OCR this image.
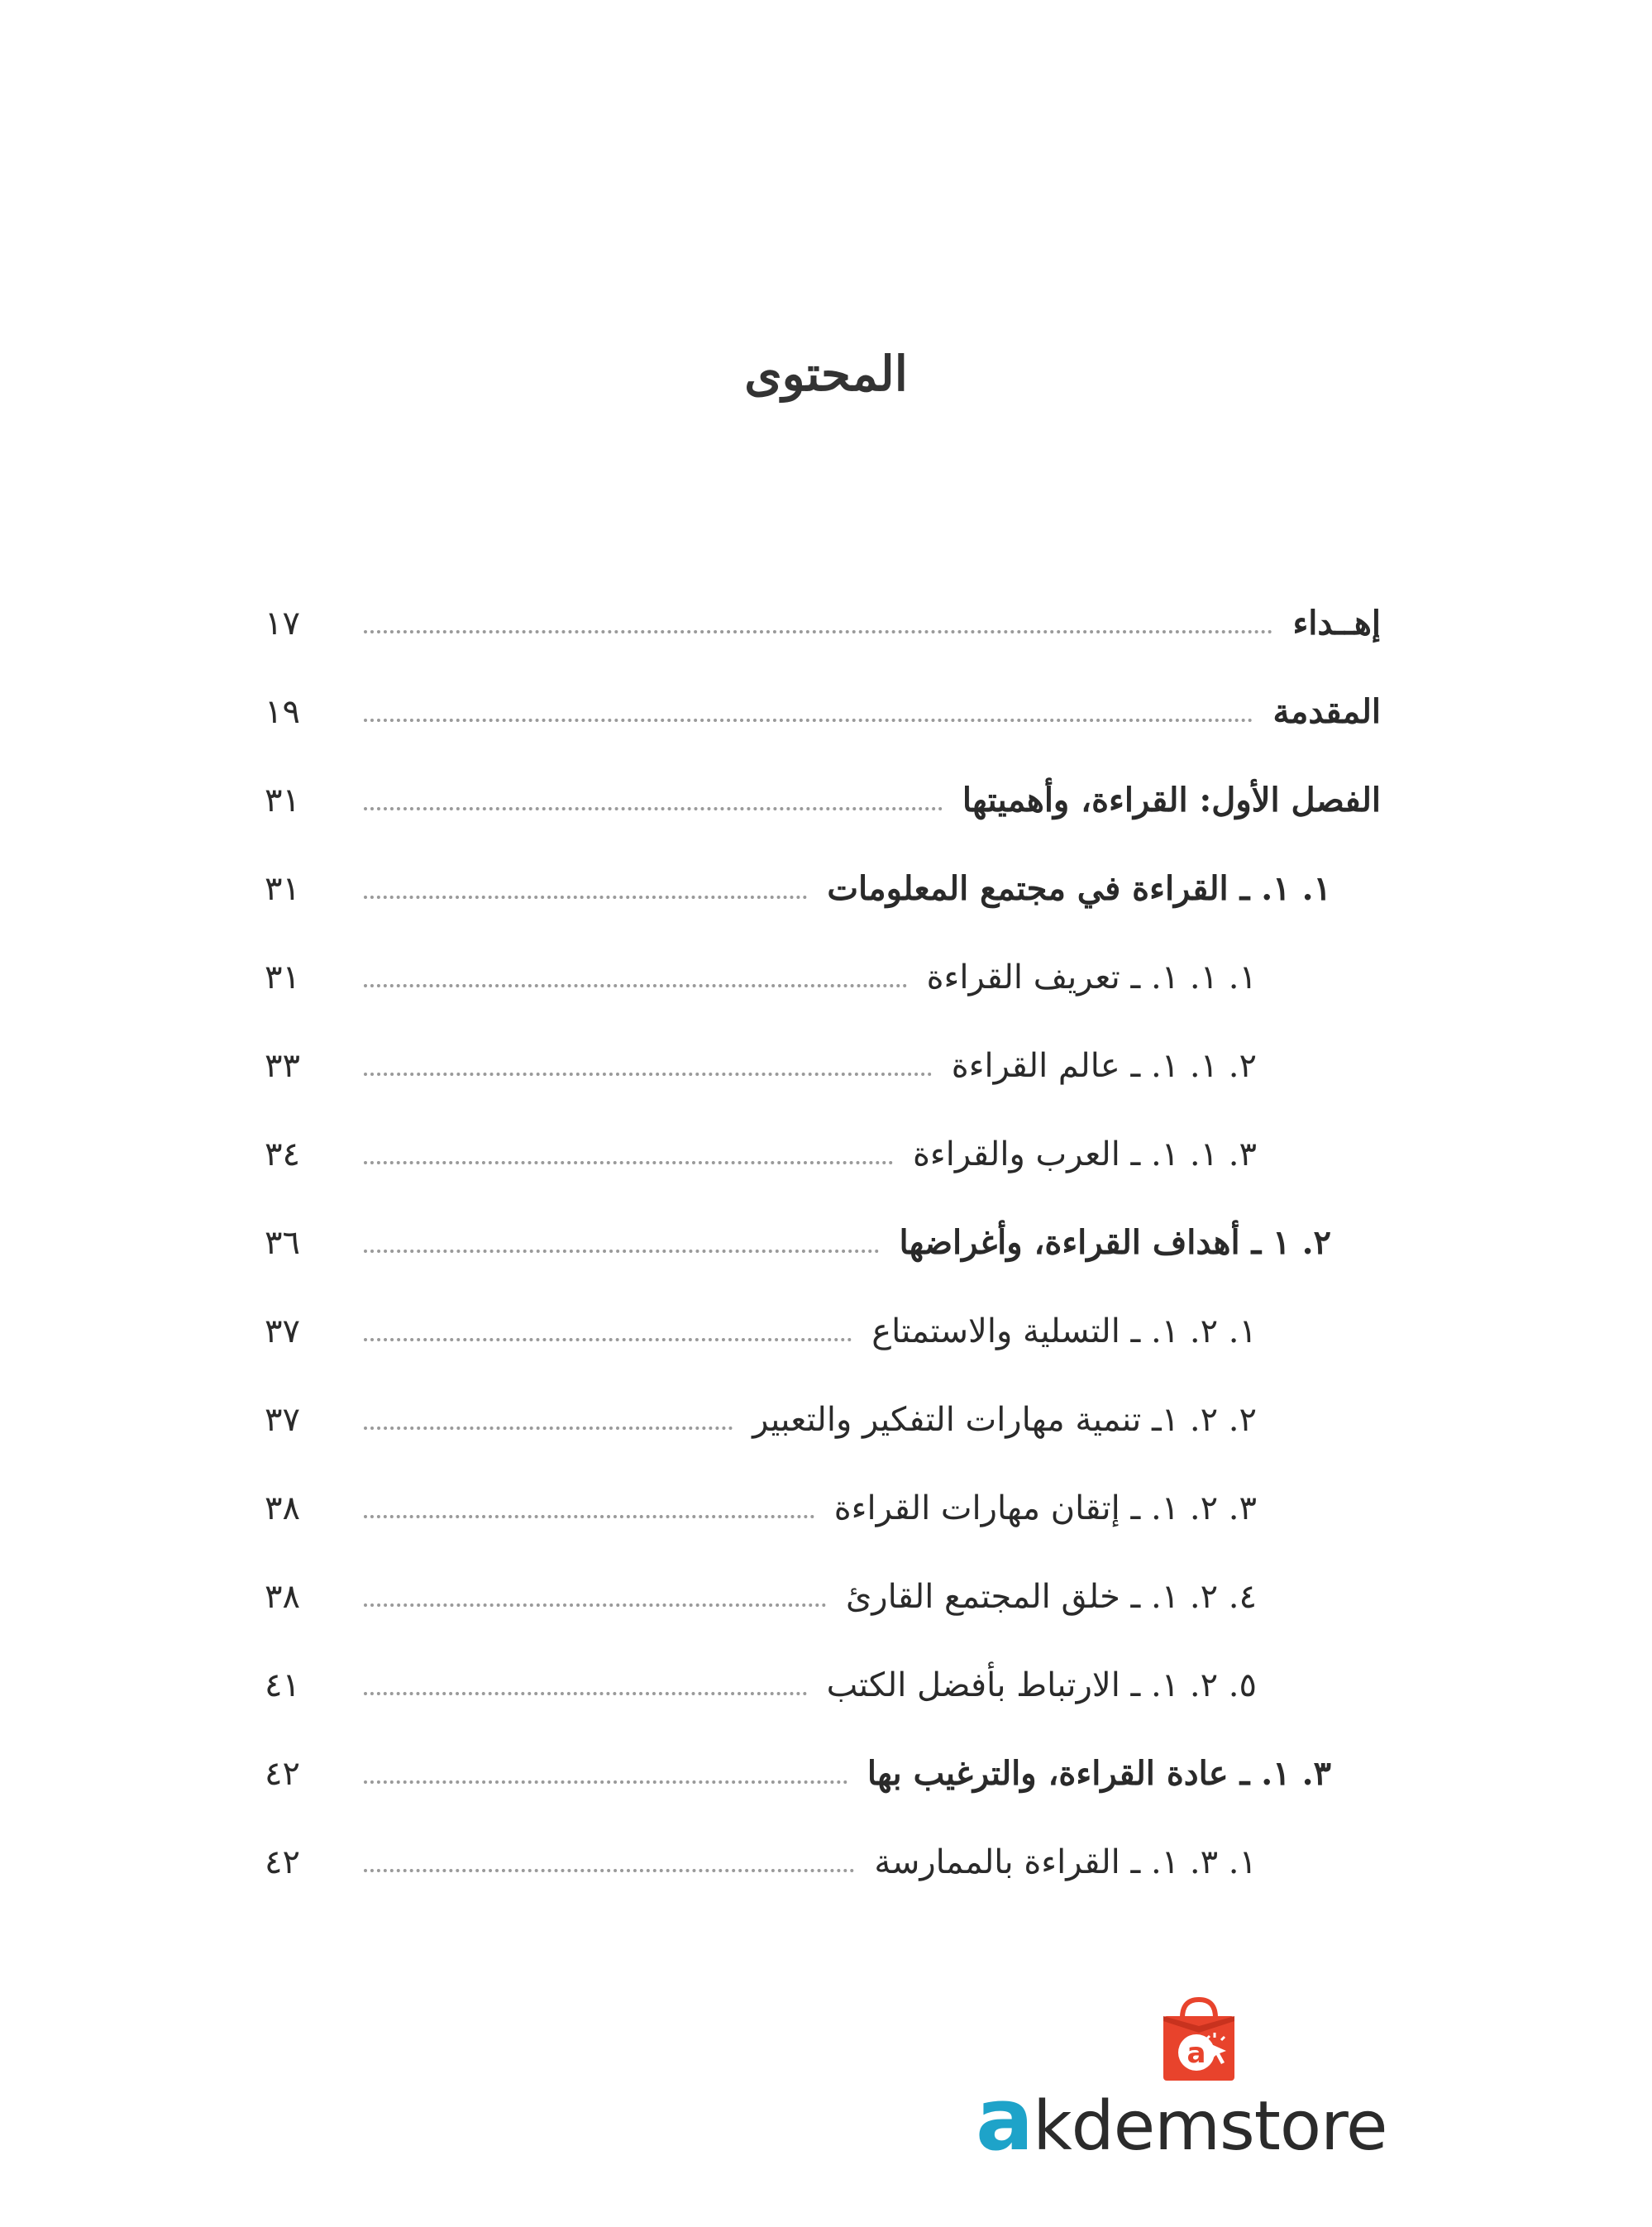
المحتوى
إهــداء
١٧
المقدمة
١٩
الفصل الأول: القراءة، وأهميتها
٣١
١. ١. ـ القراءة في مجتمع المعلومات
٣١
١. ١. ١. ـ تعريف القراءة
٣١
٢. ١. ١. ـ عالم القراءة
٣٣
٣. ١. ١. ـ العرب والقراءة
٣٤
٢. ١ ـ أهداف القراءة، وأغراضها
٣٦
١. ٢. ١. ـ التسلية والاستمتاع
٣٧
٢. ٢. ١ـ تنمية مهارات التفكير والتعبير
٣٧
٣. ٢. ١. ـ إتقان مهارات القراءة
٣٨
٤. ٢. ١. ـ خلق المجتمع القارئ
٣٨
٥. ٢. ١. ـ الارتباط بأفضل الكتب
٤١
٣. ١. ـ عادة القراءة، والترغيب بها
٤٢
١. ٣. ١. ـ القراءة بالممارسة
٤٢
a
akdemstore
